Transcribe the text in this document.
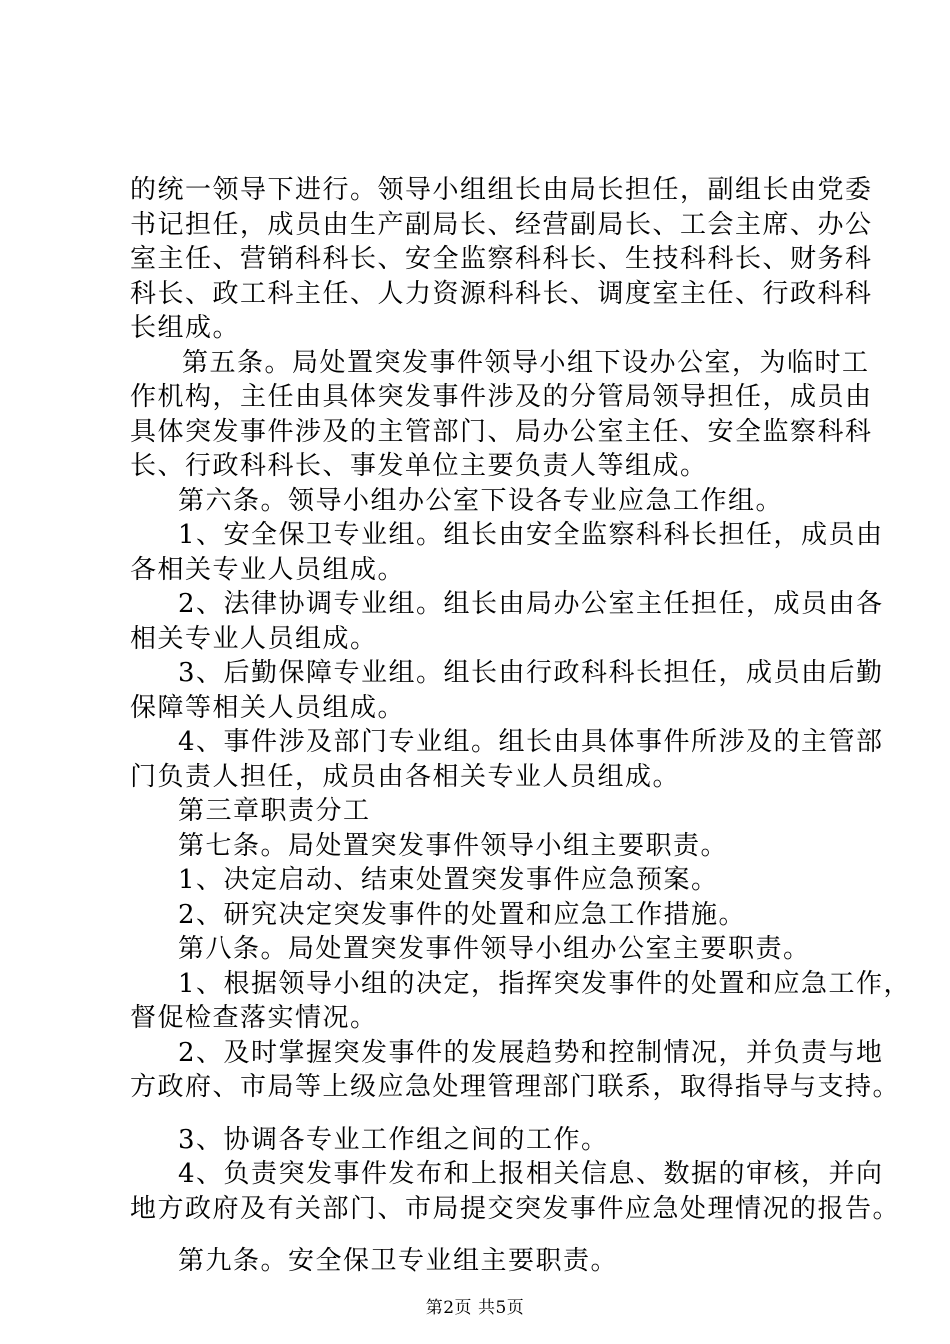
的统一领导下进行。领导小组组长由局长担任，副组长由党委
书记担任，成员由生产副局长、经营副局长、工会主席、办公
室主任、营销科科长、安全监察科科长、生技科科长、财务科
科长、政工科主任、人力资源科科长、调度室主任、行政科科
长组成。
第五条。局处置突发事件领导小组下设办公室，为临时工
作机构，主任由具体突发事件涉及的分管局领导担任，成员由
具体突发事件涉及的主管部门、局办公室主任、安全监察科科
长、行政科科长、事发单位主要负责人等组成。
第六条。领导小组办公室下设各专业应急工作组。
1、安全保卫专业组。组长由安全监察科科长担任，成员由
各相关专业人员组成。
2、法律协调专业组。组长由局办公室主任担任，成员由各
相关专业人员组成。
3、后勤保障专业组。组长由行政科科长担任，成员由后勤
保障等相关人员组成。
4、事件涉及部门专业组。组长由具体事件所涉及的主管部
门负责人担任，成员由各相关专业人员组成。
第三章职责分工
第七条。局处置突发事件领导小组主要职责。
1、决定启动、结束处置突发事件应急预案。
2、研究决定突发事件的处置和应急工作措施。
第八条。局处置突发事件领导小组办公室主要职责。
1、根据领导小组的决定，指挥突发事件的处置和应急工作，
督促检查落实情况。
2、及时掌握突发事件的发展趋势和控制情况，并负责与地
方政府、市局等上级应急处理管理部门联系，取得指导与支持。
3、协调各专业工作组之间的工作。
4、负责突发事件发布和上报相关信息、数据的审核，并向
地方政府及有关部门、市局提交突发事件应急处理情况的报告。
第九条。安全保卫专业组主要职责。
第2页 共5页
